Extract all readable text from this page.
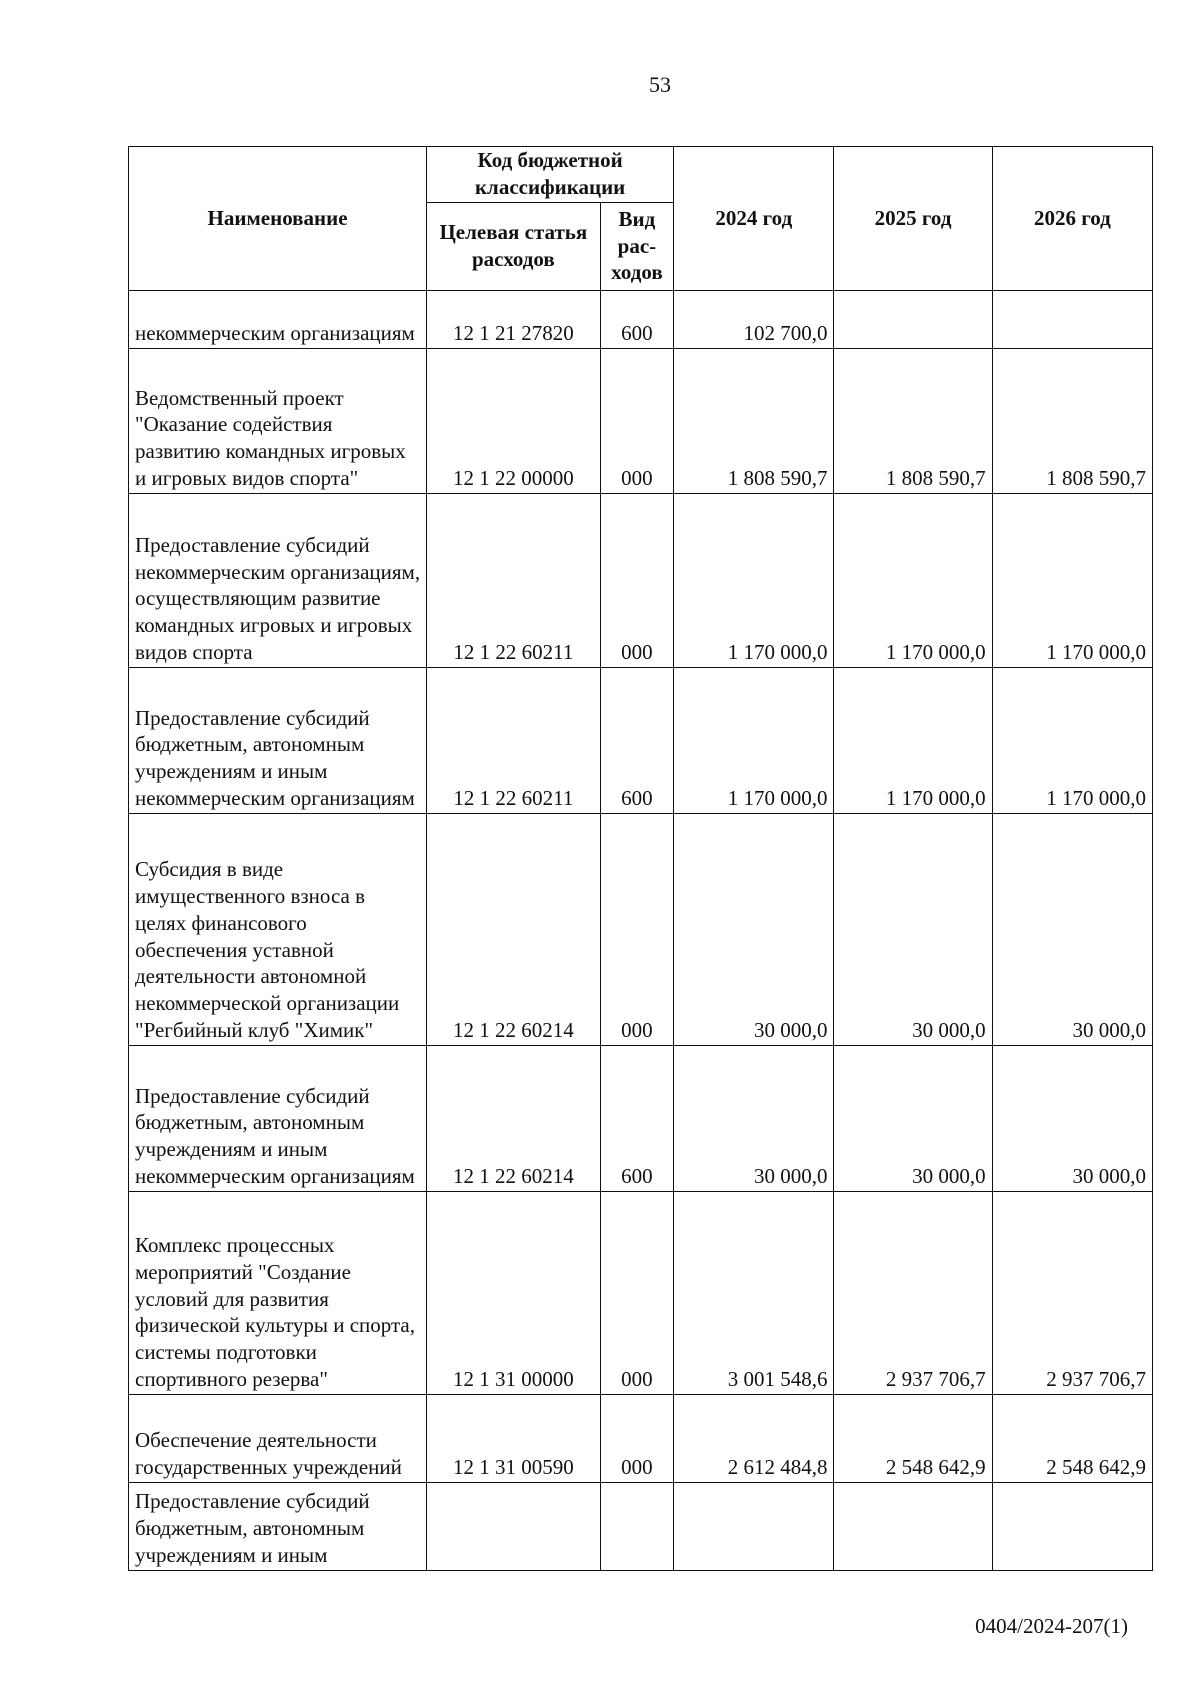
53
Наименование	Код бюджетной классификации		2024 год	2025 год	2026 год
	Целевая статья расходов	Вид рас-ходов			
некоммерческим организациям	12 1 21 27820	600	102 700,0		
Ведомственный проект "Оказание содействия развитию командных игровых и игровых видов спорта"	12 1 22 00000	000	1 808 590,7	1 808 590,7	1 808 590,7
Предоставление субсидий некоммерческим организациям, осуществляющим развитие командных игровых и игровых видов спорта	12 1 22 60211	000	1 170 000,0	1 170 000,0	1 170 000,0
Предоставление субсидий бюджетным, автономным учреждениям и иным некоммерческим организациям	12 1 22 60211	600	1 170 000,0	1 170 000,0	1 170 000,0
Субсидия в виде имущественного взноса в целях финансового обеспечения уставной деятельности автономной некоммерческой организации "Регбийный клуб "Химик"	12 1 22 60214	000	30 000,0	30 000,0	30 000,0
Предоставление субсидий бюджетным, автономным учреждениям и иным некоммерческим организациям	12 1 22 60214	600	30 000,0	30 000,0	30 000,0
Комплекс процессных мероприятий "Создание условий для развития физической культуры и спорта, системы подготовки спортивного резерва"	12 1 31 00000	000	3 001 548,6	2 937 706,7	2 937 706,7
Обеспечение деятельности государственных учреждений	12 1 31 00590	000	2 612 484,8	2 548 642,9	2 548 642,9
Предоставление субсидий бюджетным, автономным учреждениям и иным					
0404/2024-207(1)
